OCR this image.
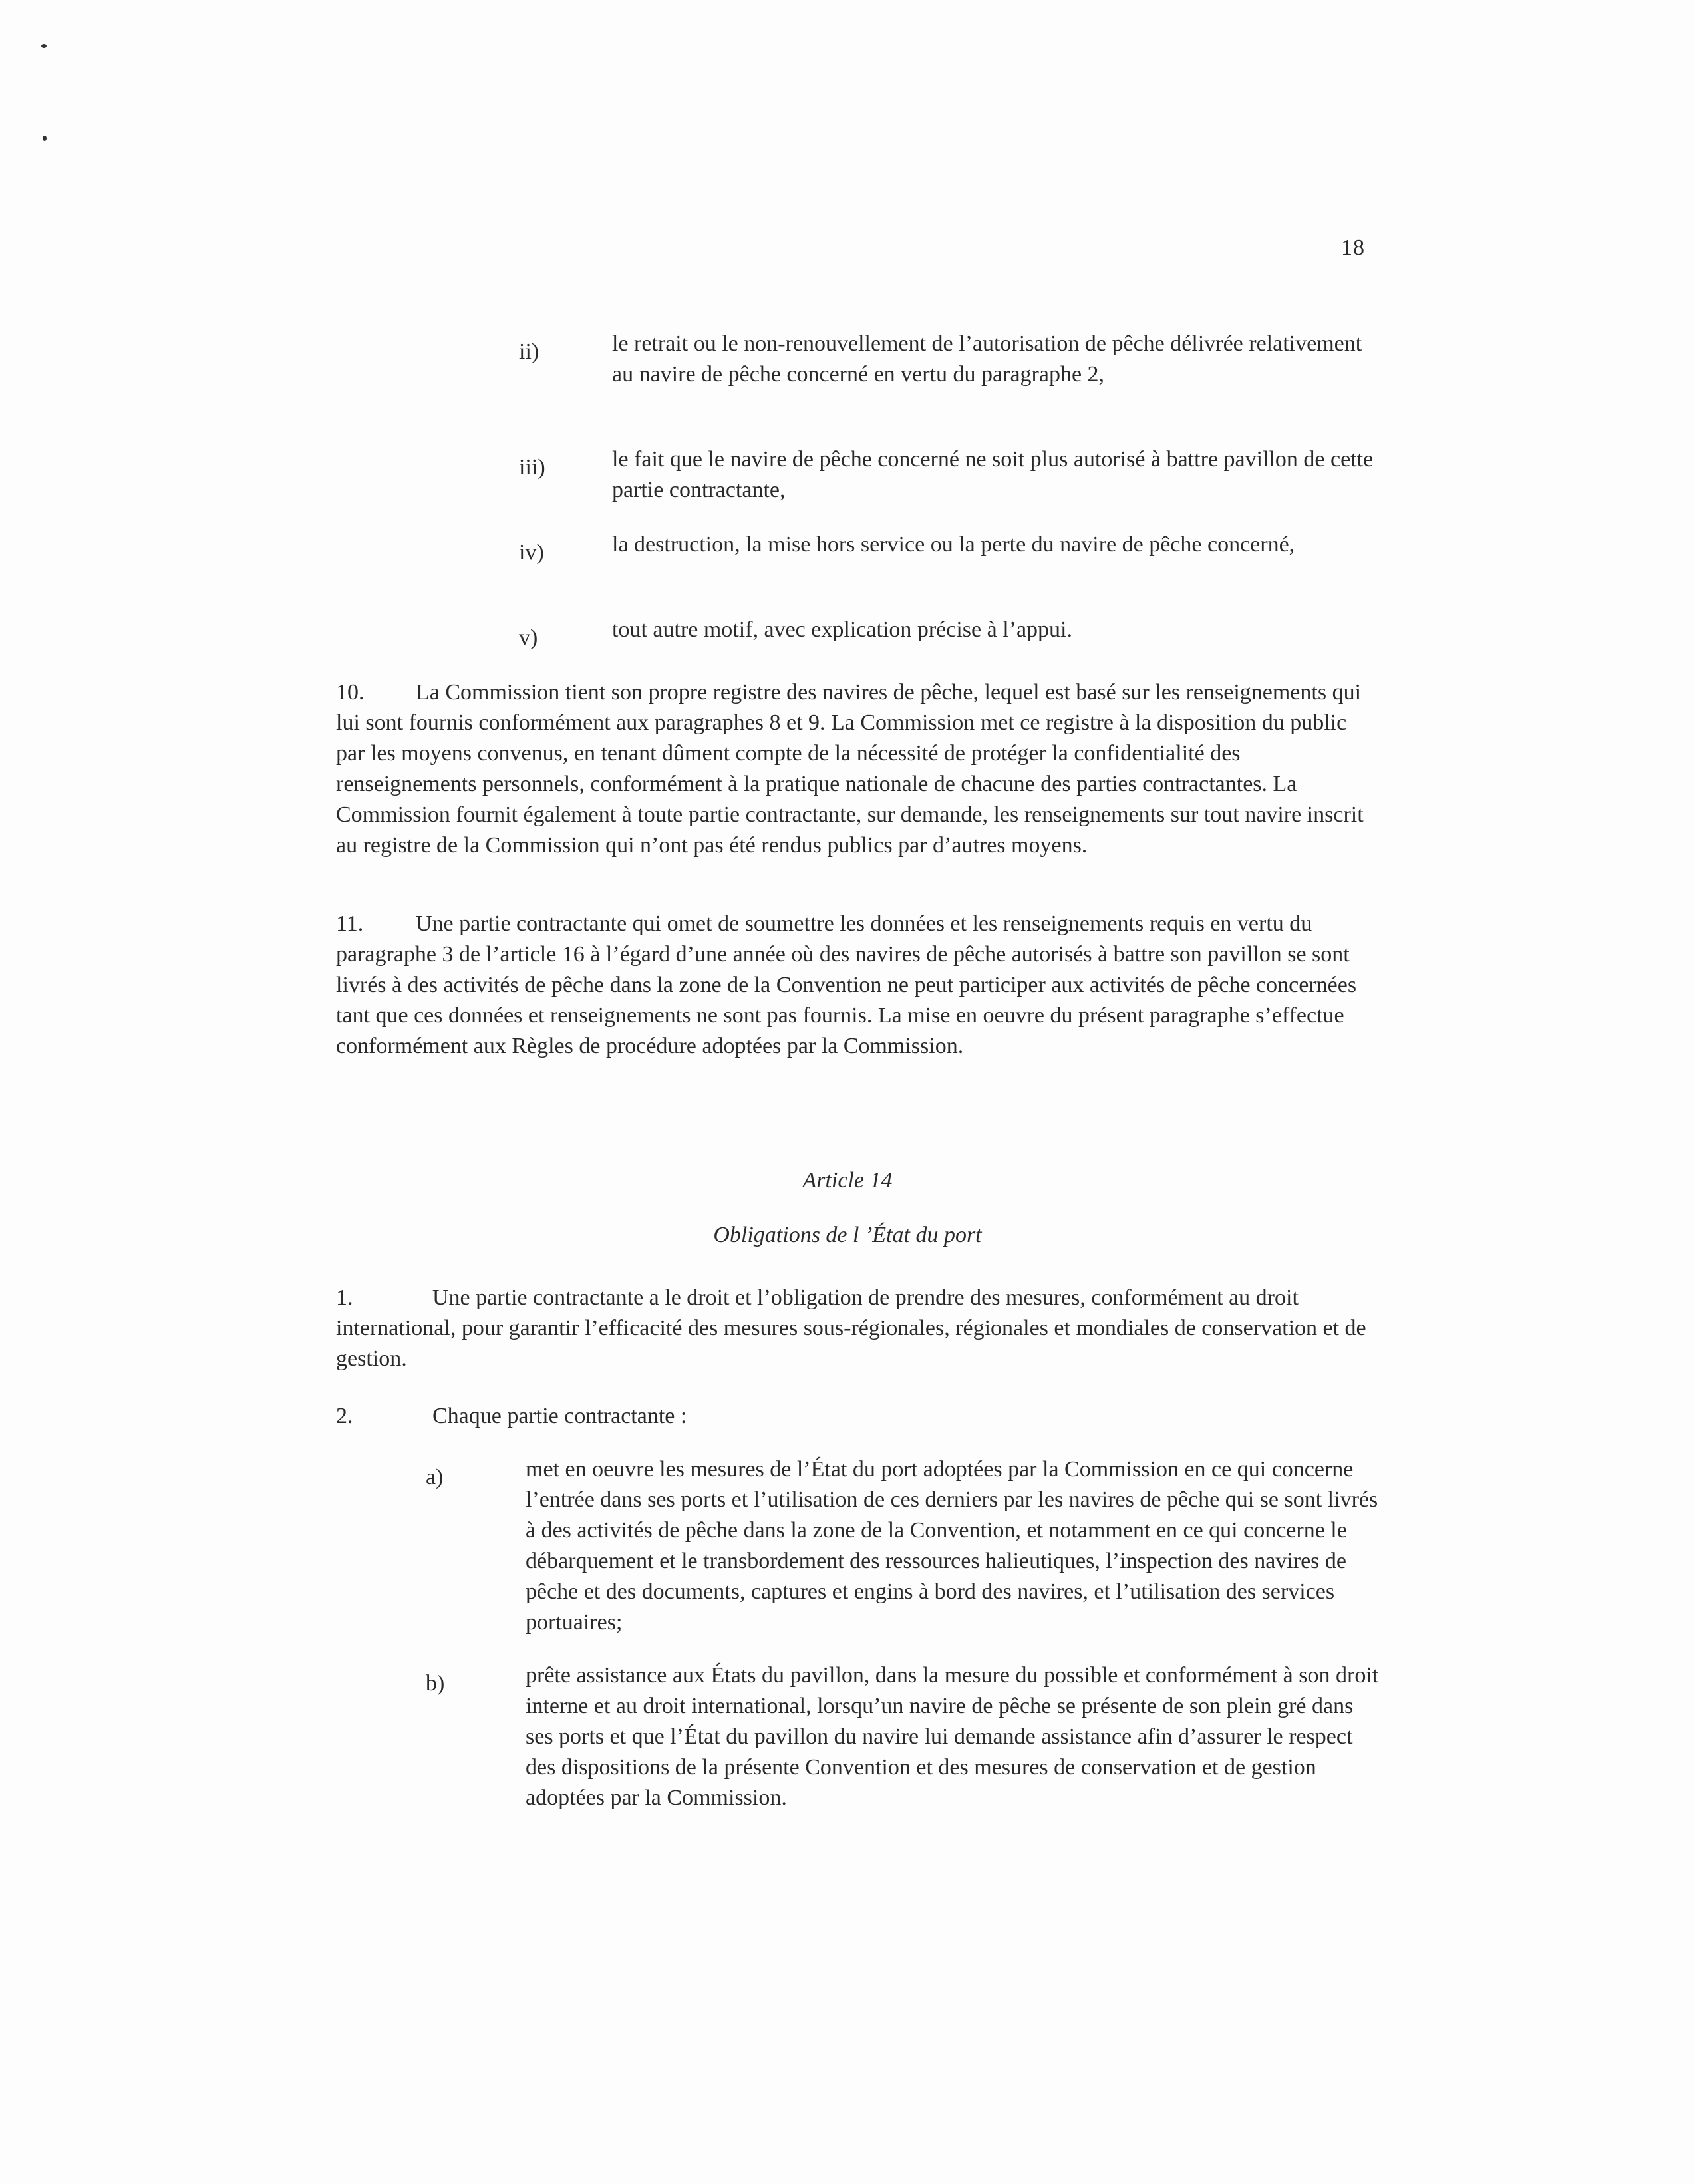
18
ii)	le retrait ou le non-renouvellement de l’autorisation de pêche délivrée relativement au navire de pêche concerné en vertu du paragraphe 2,
iii)	le fait que le navire de pêche concerné ne soit plus autorisé à battre pavillon de cette partie contractante,
iv)	la destruction, la mise hors service ou la perte du navire de pêche concerné,
v)	tout autre motif, avec explication précise à l’appui.
10. La Commission tient son propre registre des navires de pêche, lequel est basé sur les renseignements qui lui sont fournis conformément aux paragraphes 8 et 9. La Commission met ce registre à la disposition du public par les moyens convenus, en tenant dûment compte de la nécessité de protéger la confidentialité des renseignements personnels, conformément à la pratique nationale de chacune des parties contractantes. La Commission fournit également à toute partie contractante, sur demande, les renseignements sur tout navire inscrit au registre de la Commission qui n’ont pas été rendus publics par d’autres moyens.
11. Une partie contractante qui omet de soumettre les données et les renseignements requis en vertu du paragraphe 3 de l’article 16 à l’égard d’une année où des navires de pêche autorisés à battre son pavillon se sont livrés à des activités de pêche dans la zone de la Convention ne peut participer aux activités de pêche concernées tant que ces données et renseignements ne sont pas fournis. La mise en oeuvre du présent paragraphe s’effectue conformément aux Règles de procédure adoptées par la Commission.
Article 14
Obligations de l ’État du port
1.	Une partie contractante a le droit et l’obligation de prendre des mesures, conformément au droit international, pour garantir l’efficacité des mesures sous-régionales, régionales et mondiales de conservation et de gestion.
2.	Chaque partie contractante :
a)	met en oeuvre les mesures de l’État du port adoptées par la Commission en ce qui concerne l’entrée dans ses ports et l’utilisation de ces derniers par les navires de pêche qui se sont livrés à des activités de pêche dans la zone de la Convention, et notamment en ce qui concerne le débarquement et le transbordement des ressources halieutiques, l’inspection des navires de pêche et des documents, captures et engins à bord des navires, et l’utilisation des services portuaires;
b)	prête assistance aux États du pavillon, dans la mesure du possible et conformément à son droit interne et au droit international, lorsqu’un navire de pêche se présente de son plein gré dans ses ports et que l’État du pavillon du navire lui demande assistance afin d’assurer le respect des dispositions de la présente Convention et des mesures de conservation et de gestion adoptées par la Commission.
